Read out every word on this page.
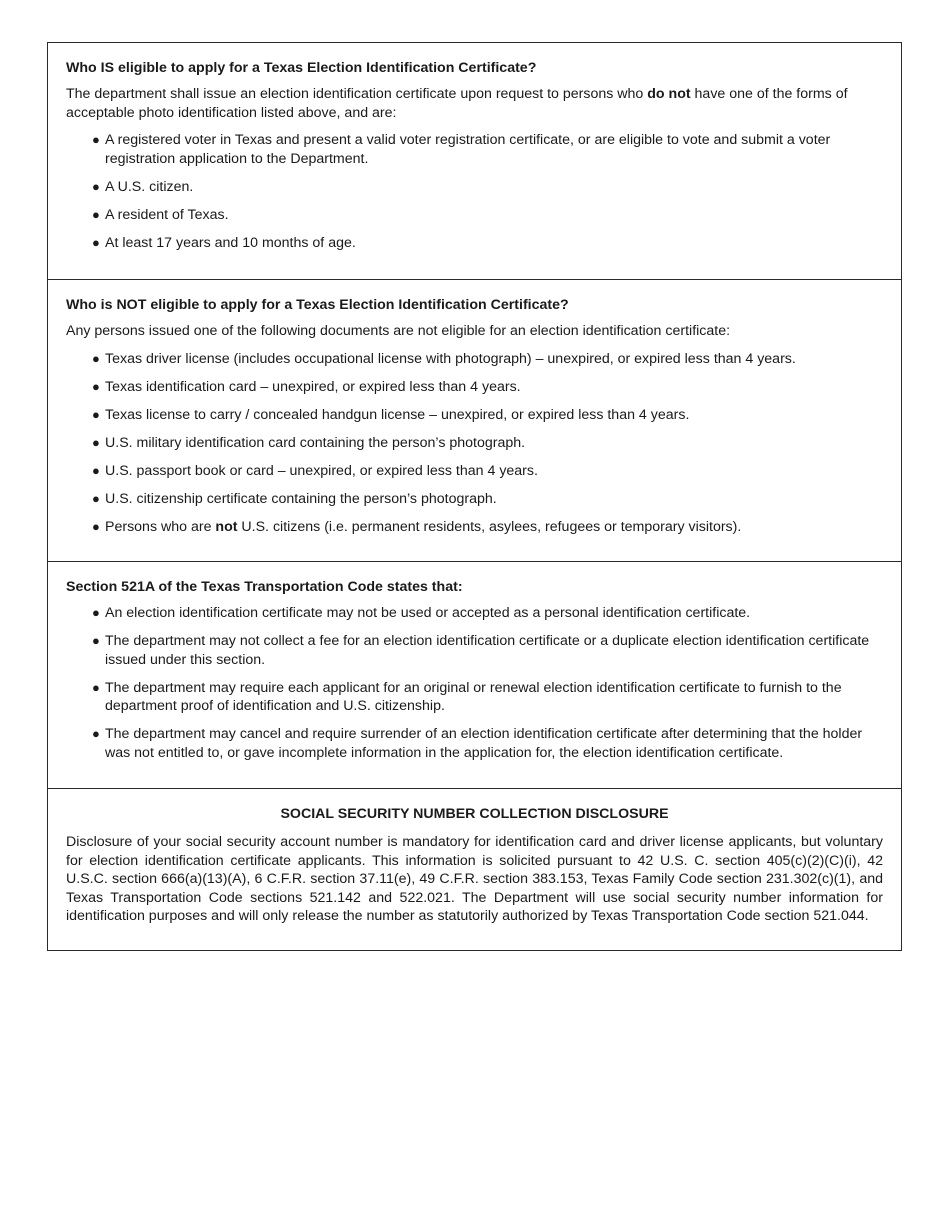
Who IS eligible to apply for a Texas Election Identification Certificate?

The department shall issue an election identification certificate upon request to persons who do not have one of the forms of acceptable photo identification listed above, and are:

● A registered voter in Texas and present a valid voter registration certificate, or are eligible to vote and submit a voter registration application to the Department.
● A U.S. citizen.
● A resident of Texas.
● At least 17 years and 10 months of age.
Who is NOT eligible to apply for a Texas Election Identification Certificate?

Any persons issued one of the following documents are not eligible for an election identification certificate:

● Texas driver license (includes occupational license with photograph) – unexpired, or expired less than 4 years.
● Texas identification card – unexpired, or expired less than 4 years.
● Texas license to carry / concealed handgun license – unexpired, or expired less than 4 years.
● U.S. military identification card containing the person’s photograph.
● U.S. passport book or card – unexpired, or expired less than 4 years.
● U.S. citizenship certificate containing the person’s photograph.
● Persons who are not U.S. citizens (i.e. permanent residents, asylees, refugees or temporary visitors).
Section 521A of the Texas Transportation Code states that:
● An election identification certificate may not be used or accepted as a personal identification certificate.
● The department may not collect a fee for an election identification certificate or a duplicate election identification certificate issued under this section.
● The department may require each applicant for an original or renewal election identification certificate to furnish to the department proof of identification and U.S. citizenship.
● The department may cancel and require surrender of an election identification certificate after determining that the holder was not entitled to, or gave incomplete information in the application for, the election identification certificate.
SOCIAL SECURITY NUMBER COLLECTION DISCLOSURE

Disclosure of your social security account number is mandatory for identification card and driver license applicants, but voluntary for election identification certificate applicants. This information is solicited pursuant to 42 U.S. C. section 405(c)(2)(C)(i), 42 U.S.C. section 666(a)(13)(A), 6 C.F.R. section 37.11(e), 49 C.F.R. section 383.153, Texas Family Code section 231.302(c)(1), and Texas Transportation Code sections 521.142 and 522.021. The Department will use social security number information for identification purposes and will only release the number as statutorily authorized by Texas Transportation Code section 521.044.
